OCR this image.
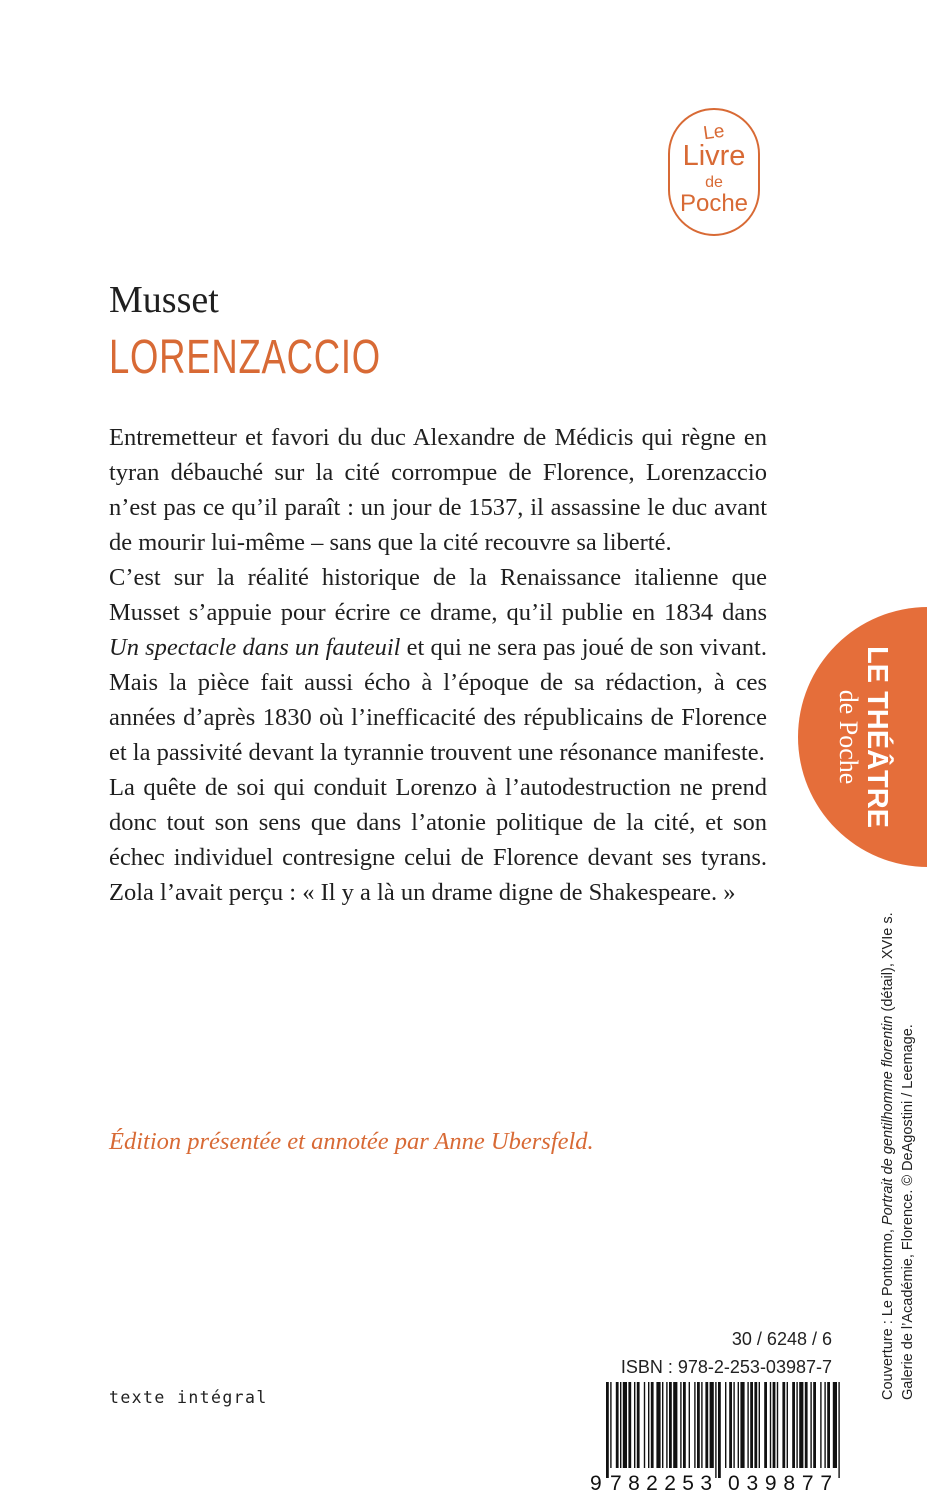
Le
Livre
de
Poche
Musset
LORENZACCIO

Entremetteur et favori du duc Alexandre de Médicis qui règne en tyran débauché sur la cité corrompue de Florence, Lorenzaccio n’est pas ce qu’il paraît : un jour de 1537, il assassine le duc avant de mourir lui-même – sans que la cité recouvre sa liberté.

C’est sur la réalité historique de la Renaissance italienne que Musset s’appuie pour écrire ce drame, qu’il publie en 1834 dans Un spectacle dans un fauteuil et qui ne sera pas joué de son vivant. Mais la pièce fait aussi écho à l’époque de sa rédaction, à ces années d’après 1830 où l’inefficacité des républicains de Florence et la passivité devant la tyrannie trouvent une résonance manifeste.

La quête de soi qui conduit Lorenzo à l’autodestruction ne prend donc tout son sens que dans l’atonie politique de la cité, et son échec individuel contresigne celui de Florence devant ses tyrans. Zola l’avait perçu : « Il y a là un drame digne de Shakespeare. »

Édition présentée et annotée par Anne Ubersfeld.
LE THÉÂTRE
de Poche
Couverture : Le Pontormo, Portrait de gentilhomme florentin (détail), XVIe s.
Galerie de l’Académie, Florence. © DeAgostini / Leemage.
30 / 6248 / 6
ISBN : 978-2-253-03987-7
texte intégral
9 782253 039877
